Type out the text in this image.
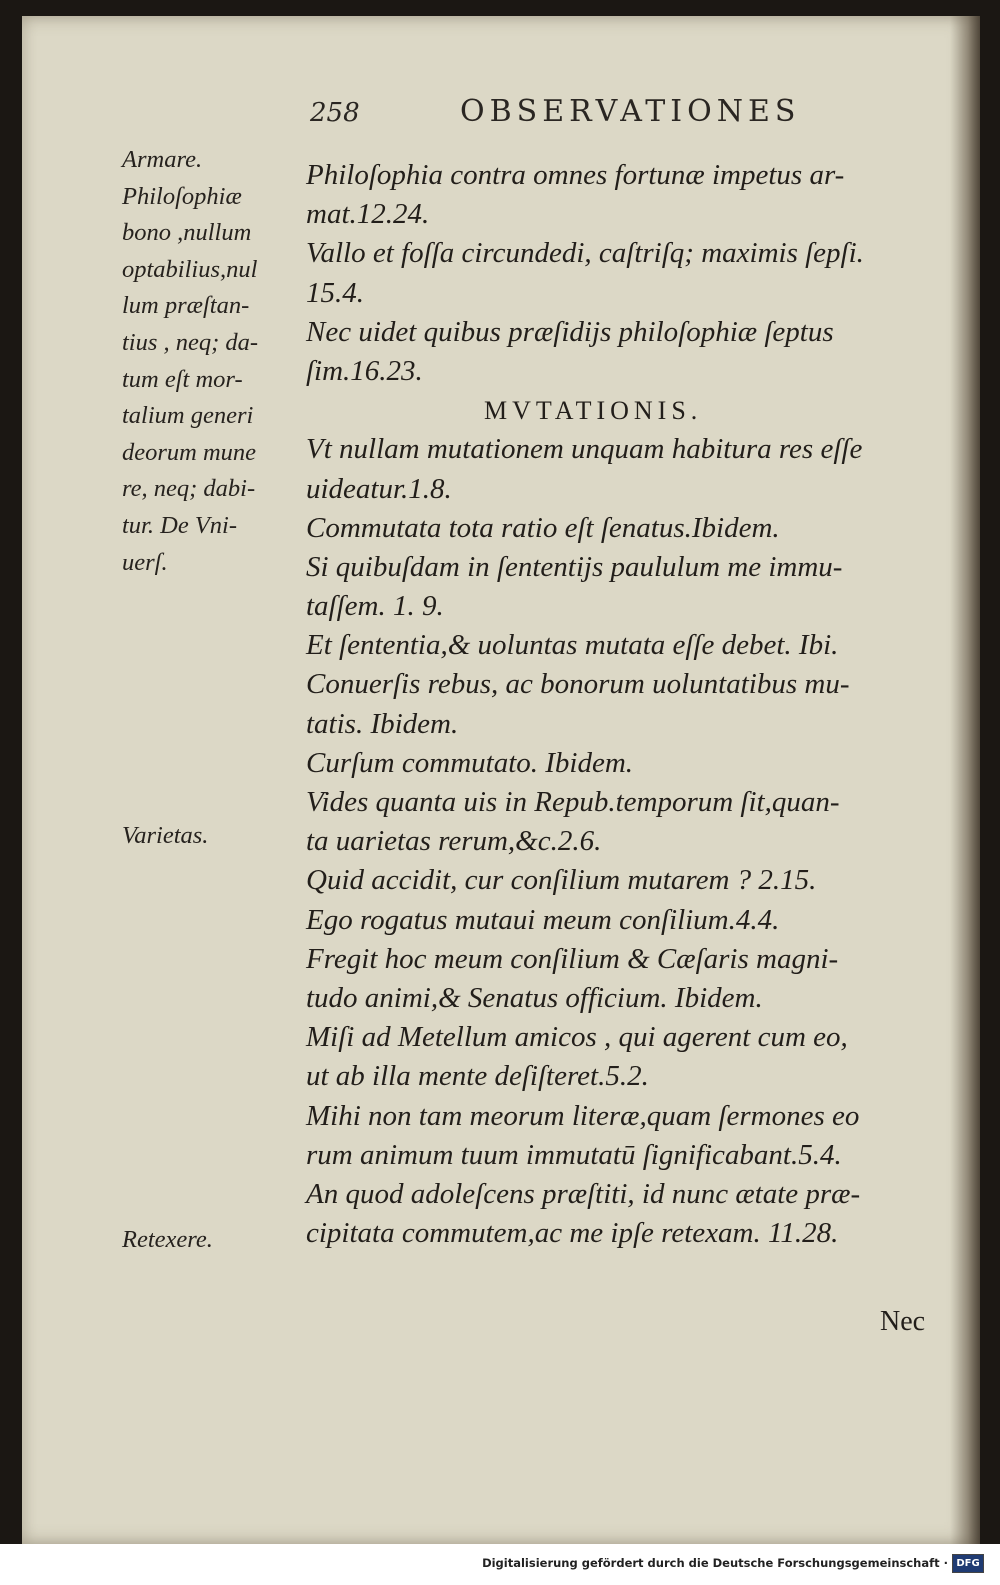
258	OBSERVATIONES
Armare.
Philoſophiæ
bono ,nullum
optabilius,nul
lum præſtan-
tius , neq; da-
tum eſt mor-
talium generi
deorum mune
re, neq; dabi-
tur. De Vni-
uerſ.
Varietas.
Retexere.
Philoſophia contra omnes fortunæ impetus ar-
mat.12.24.
Vallo et foſſa circundedi, caſtriſq; maximis ſepſi.
15.4.
Nec uidet quibus præſidijs philoſophiæ ſeptus
ſim.16.23.
MVTATIONIS.
Vt nullam mutationem unquam habitura res eſſe
uideatur.1.8.
Commutata tota ratio eſt ſenatus.Ibidem.
Si quibuſdam in ſententijs paululum me immu-
taſſem. 1. 9.
Et ſententia,& uoluntas mutata eſſe debet. Ibi.
Conuerſis rebus, ac bonorum uoluntatibus mu-
tatis. Ibidem.
Curſum commutato. Ibidem.
Vides quanta uis in Repub.temporum ſit,quan-
ta uarietas rerum,&c.2.6.
Quid accidit, cur conſilium mutarem ? 2.15.
Ego rogatus mutaui meum conſilium.4.4.
Fregit hoc meum conſilium & Cæſaris magni-
tudo animi,& Senatus officium. Ibidem.
Miſi ad Metellum amicos , qui agerent cum eo,
ut ab illa mente deſiſteret.5.2.
Mihi non tam meorum literæ,quam ſermones eo
rum animum tuum immutatū ſignificabant.5.4.
An quod adoleſcens præſtiti, id nunc ætate præ-
cipitata commutem,ac me ipſe retexam. 11.28.
Nec
Digitalisierung gefördert durch die Deutsche Forschungsgemeinschaft · DFG
